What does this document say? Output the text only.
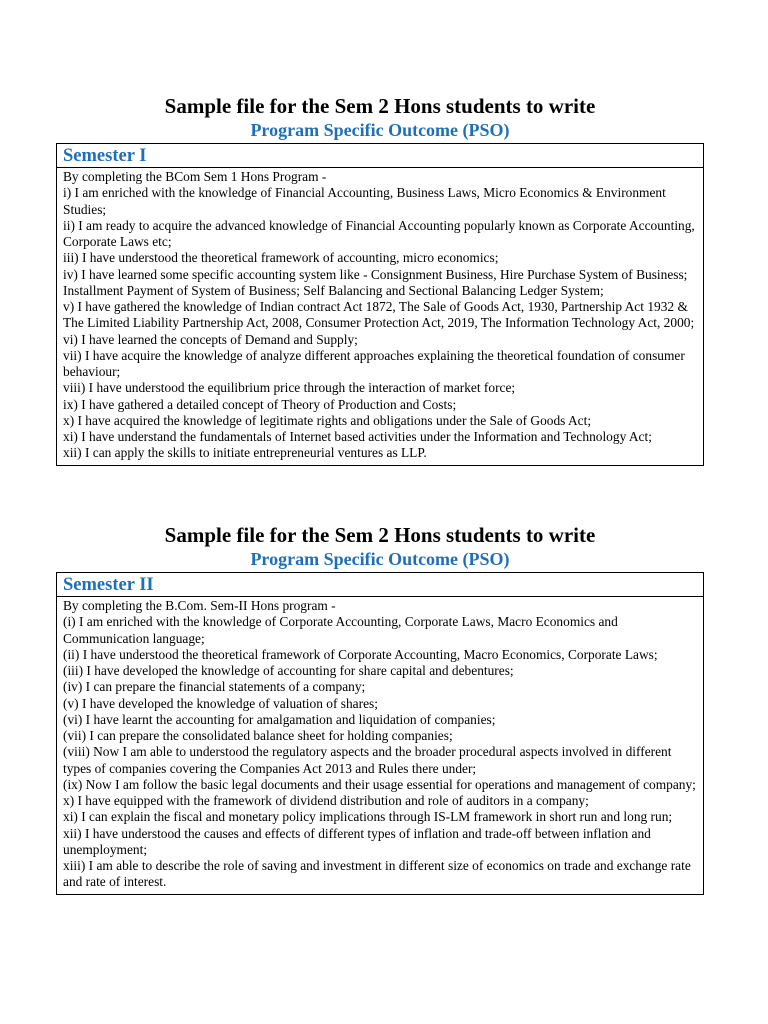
Sample file for the Sem 2 Hons students to write
Program Specific Outcome (PSO)
Semester I
By completing the BCom Sem 1 Hons Program -
i) I am enriched with the knowledge of Financial Accounting, Business Laws, Micro Economics & Environment Studies;
ii) I am ready to acquire the advanced knowledge of Financial Accounting popularly known as Corporate Accounting, Corporate Laws etc;
iii) I have understood the theoretical framework of accounting, micro economics;
iv) I have learned some specific accounting system like - Consignment Business, Hire Purchase System of Business; Installment Payment of System of Business; Self Balancing and Sectional Balancing Ledger System;
v) I have gathered the knowledge of Indian contract Act 1872, The Sale of Goods Act, 1930, Partnership Act 1932 & The Limited Liability Partnership Act, 2008, Consumer Protection Act, 2019, The Information Technology Act, 2000;
vi) I have learned the concepts of Demand and Supply;
vii) I have acquire the knowledge of analyze different approaches explaining the theoretical foundation of consumer behaviour;
viii) I have understood the equilibrium price through the interaction of market force;
ix) I have gathered a detailed concept of Theory of Production and Costs;
x) I have acquired the knowledge of legitimate rights and obligations under the Sale of Goods Act;
xi) I have understand the fundamentals of Internet based activities under the Information and Technology Act;
xii) I can apply the skills to initiate entrepreneurial ventures as LLP.
Sample file for the Sem 2 Hons students to write
Program Specific Outcome (PSO)
Semester II
By completing the B.Com. Sem-II Hons program -
(i) I am enriched with the knowledge of Corporate Accounting, Corporate Laws, Macro Economics and Communication language;
(ii) I have understood the theoretical framework of Corporate Accounting, Macro Economics, Corporate Laws;
(iii) I have developed the knowledge of accounting for share capital and debentures;
(iv) I can prepare the financial statements of a company;
(v) I have developed the knowledge of valuation of shares;
(vi) I have learnt the accounting for amalgamation and liquidation of companies;
(vii) I can prepare the consolidated balance sheet for holding companies;
(viii) Now I am able to understood the regulatory aspects and the broader procedural aspects involved in different types of companies covering the Companies Act 2013 and Rules there under;
(ix) Now I am follow the basic legal documents and their usage essential for operations and management of company;
x) I have equipped with the framework of dividend distribution and role of auditors in a company;
xi) I can explain the fiscal and monetary policy implications through IS-LM framework in short run and long run;
xii) I have understood the causes and effects of different types of inflation and trade-off between inflation and unemployment;
xiii) I am able to describe the role of saving and investment in different size of economics on trade and exchange rate and rate of interest.
